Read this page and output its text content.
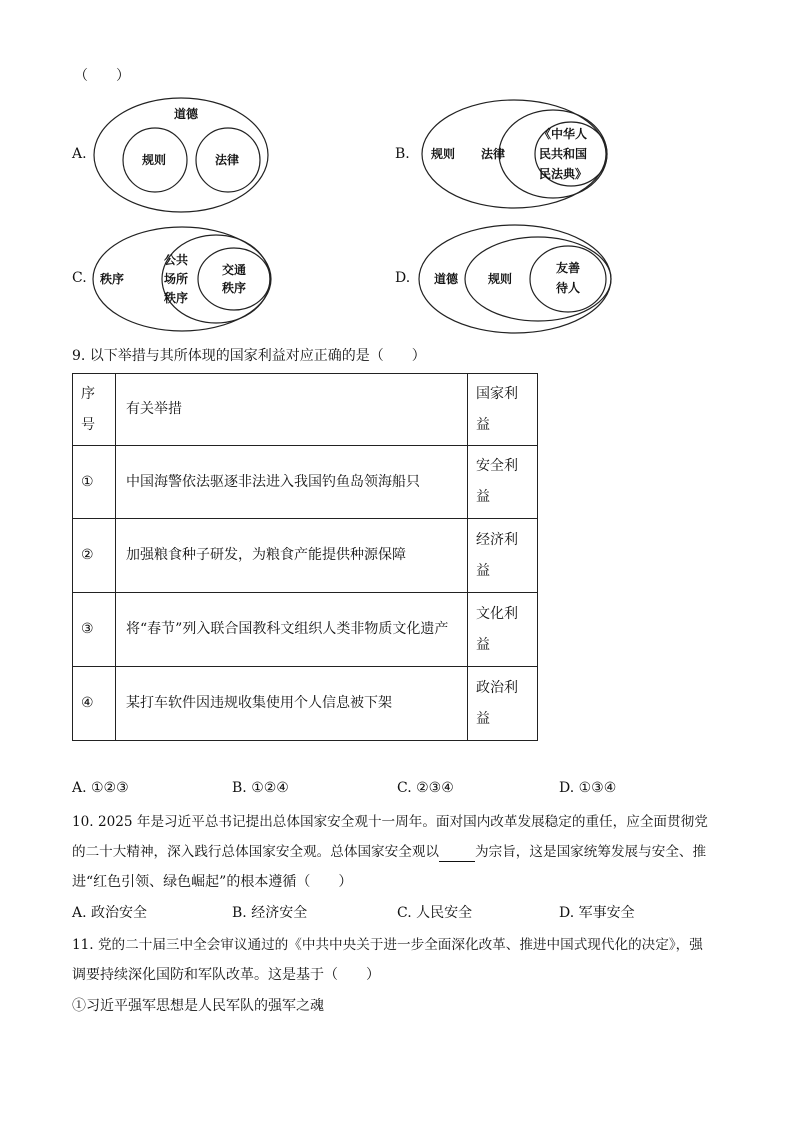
（　　）
A.
道德
规则	法律	B. 规则 法律
《中华人
民共和国
民法典》
C. 秩序
公共
场所
秩序
交通
秩序
D. 道德 规则
友善
待人
9. 以下举措与其所体现的国家利益对应正确的是（　　）
序号	有关举措	国家利益
①	中国海警依法驱逐非法进入我国钓鱼岛领海船只	安全利益
②	加强粮食种子研发，为粮食产能提供种源保障	经济利益
③	将“春节”列入联合国教科文组织人类非物质文化遗产	文化利益
④	某打车软件因违规收集使用个人信息被下架	政治利益
A. ①②③	B. ①②④	C. ②③④	D. ①③④
10. 2025 年是习近平总书记提出总体国家安全观十一周年。面对国内改革发展稳定的重任，应全面贯彻党
的二十大精神，深入践行总体国家安全观。总体国家安全观以	为宗旨，这是国家统筹发展与安全、推
进“红色引领、绿色崛起”的根本遵循（　　）
A. 政治安全	B. 经济安全	C. 人民安全	D. 军事安全
11. 党的二十届三中全会审议通过的《中共中央关于进一步全面深化改革、推进中国式现代化的决定》，强
调要持续深化国防和军队改革。这是基于（　　）
①习近平强军思想是人民军队的强军之魂
